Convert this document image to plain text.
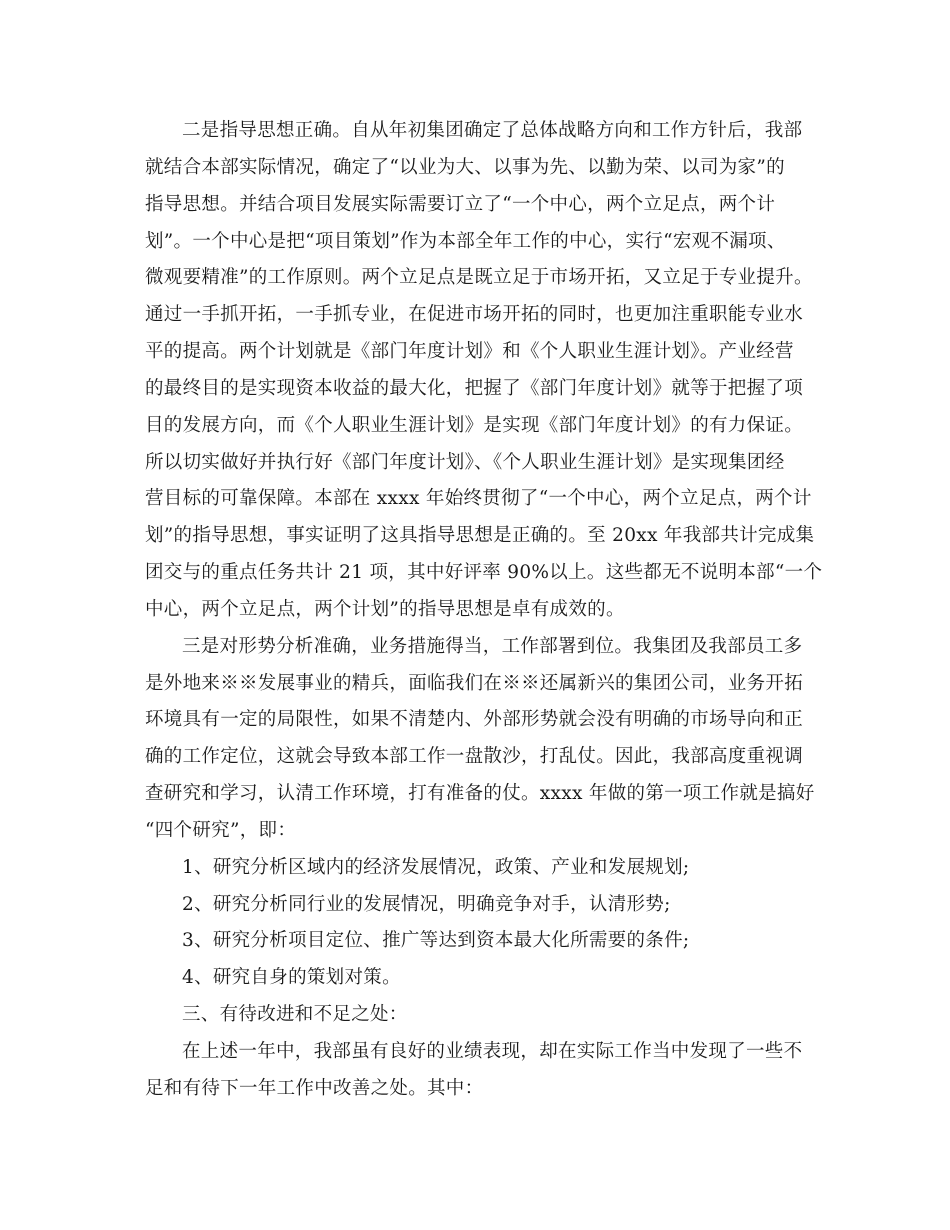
二是指导思想正确。自从年初集团确定了总体战略方向和工作方针后，我部

就结合本部实际情况，确定了“以业为大、以事为先、以勤为荣、以司为家”的

指导思想。并结合项目发展实际需要订立了“一个中心，两个立足点，两个计

划”。一个中心是把“项目策划”作为本部全年工作的中心，实行“宏观不漏项、

微观要精准”的工作原则。两个立足点是既立足于市场开拓，又立足于专业提升。

通过一手抓开拓，一手抓专业，在促进市场开拓的同时，也更加注重职能专业水

平的提高。两个计划就是《部门年度计划》和《个人职业生涯计划》。产业经营

的最终目的是实现资本收益的最大化，把握了《部门年度计划》就等于把握了项

目的发展方向，而《个人职业生涯计划》是实现《部门年度计划》的有力保证。

所以切实做好并执行好《部门年度计划》、《个人职业生涯计划》是实现集团经

营目标的可靠保障。本部在 xxxx 年始终贯彻了“一个中心，两个立足点，两个计

划”的指导思想，事实证明了这具指导思想是正确的。至 20xx 年我部共计完成集

团交与的重点任务共计 21 项，其中好评率 90%以上。这些都无不说明本部“一个

中心，两个立足点，两个计划”的指导思想是卓有成效的。

三是对形势分析准确，业务措施得当，工作部署到位。我集团及我部员工多

是外地来※※发展事业的精兵，面临我们在※※还属新兴的集团公司，业务开拓

环境具有一定的局限性，如果不清楚内、外部形势就会没有明确的市场导向和正

确的工作定位，这就会导致本部工作一盘散沙，打乱仗。因此，我部高度重视调

查研究和学习，认清工作环境，打有准备的仗。xxxx 年做的第一项工作就是搞好

“四个研究”，即：

1、研究分析区域内的经济发展情况，政策、产业和发展规划;

2、研究分析同行业的发展情况，明确竞争对手，认清形势;

3、研究分析项目定位、推广等达到资本最大化所需要的条件;

4、研究自身的策划对策。

三、有待改进和不足之处：

在上述一年中，我部虽有良好的业绩表现，却在实际工作当中发现了一些不

足和有待下一年工作中改善之处。其中：
